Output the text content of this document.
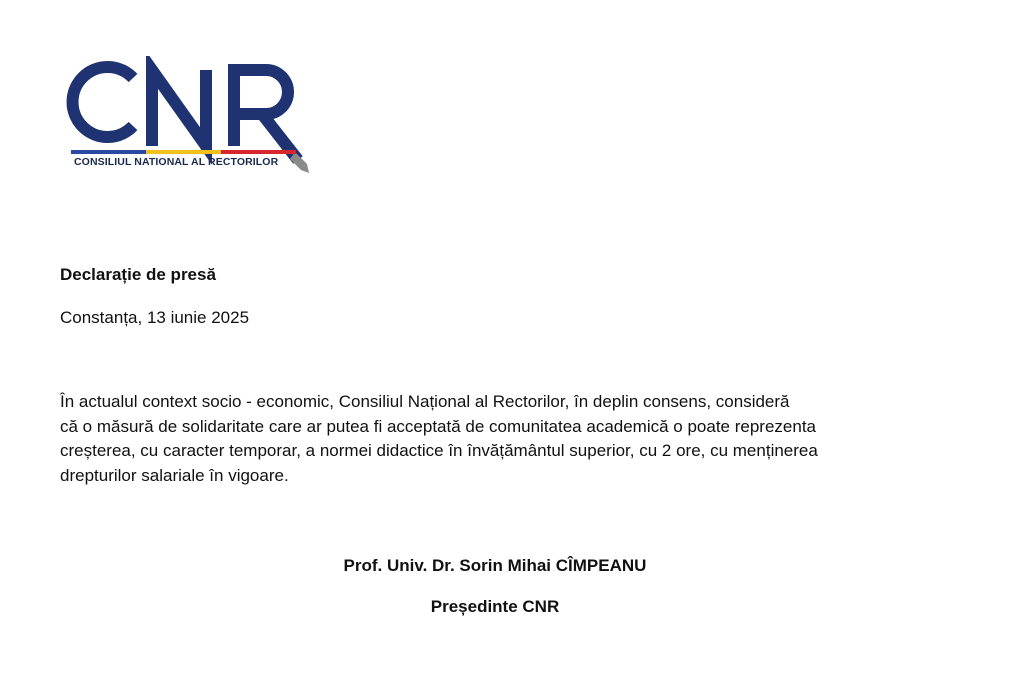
CONSILIUL NATIONAL AL RECTORILOR
Declarație de presă
Constanța, 13 iunie 2025
În actualul context socio - economic, Consiliul Național al Rectorilor, în deplin consens, consideră
că o măsură de solidaritate care ar putea fi acceptată de comunitatea academică o poate reprezenta
creșterea, cu caracter temporar, a normei didactice în învățământul superior, cu 2 ore, cu menținerea
drepturilor salariale în vigoare.
Prof. Univ. Dr. Sorin Mihai CÎMPEANU
Președinte CNR
